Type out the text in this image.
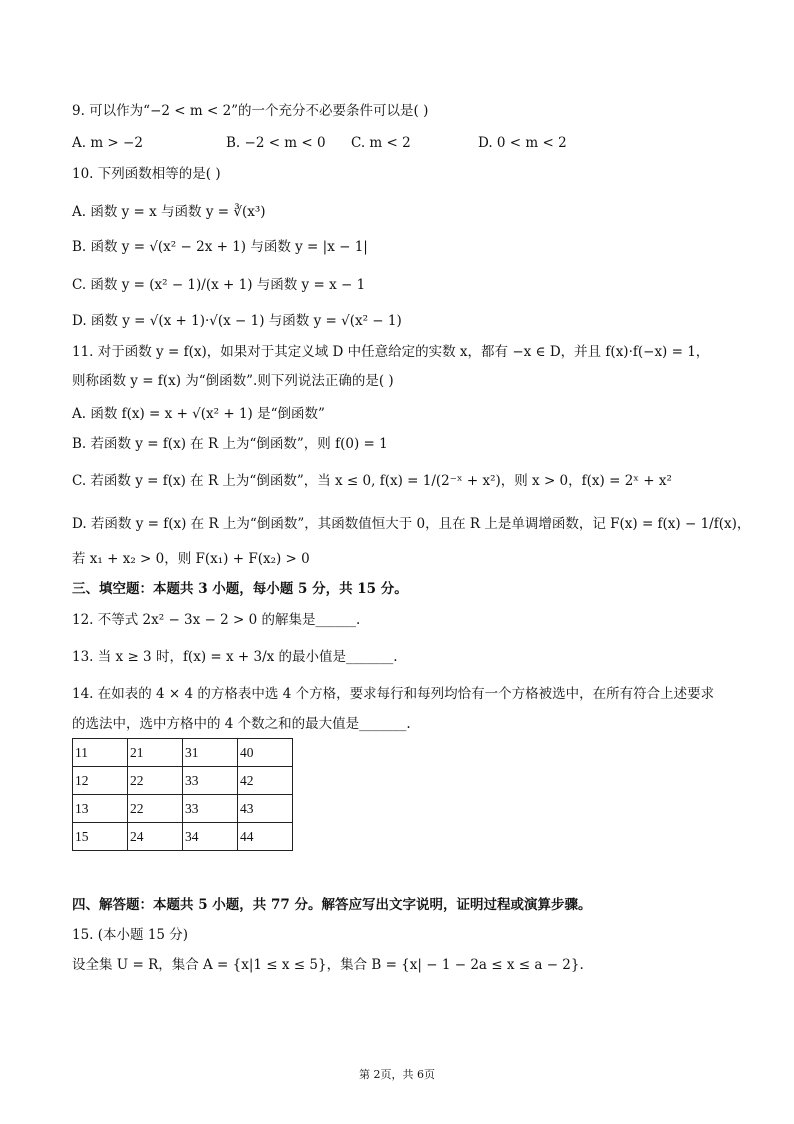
9. 可以作为“−2 < m < 2”的一个充分不必要条件可以是( )
A. m > −2	B. −2 < m < 0 C. m < 2	D. 0 < m < 2
10. 下列函数相等的是( )
A. 函数 y = x 与函数 y = ∛(x³)
B. 函数 y = √(x² − 2x + 1) 与函数 y = |x − 1|
C. 函数 y = (x² − 1)/(x + 1) 与函数 y = x − 1
D. 函数 y = √(x + 1)·√(x − 1) 与函数 y = √(x² − 1)
11. 对于函数 y = f(x)，如果对于其定义域 D 中任意给定的实数 x，都有 −x ∈ D，并且 f(x)·f(−x) = 1，
则称函数 y = f(x) 为“倒函数”.则下列说法正确的是( )
A. 函数 f(x) = x + √(x² + 1) 是“倒函数”
B. 若函数 y = f(x) 在 R 上为“倒函数”，则 f(0) = 1
C. 若函数 y = f(x) 在 R 上为“倒函数”，当 x ≤ 0, f(x) = 1/(2⁻ˣ + x²)，则 x > 0，f(x) = 2ˣ + x²
D. 若函数 y = f(x) 在 R 上为“倒函数”，其函数值恒大于 0，且在 R 上是单调增函数，记 F(x) = f(x) − 1/f(x)，
若 x₁ + x₂ > 0，则 F(x₁) + F(x₂) > 0
三、填空题：本题共 3 小题，每小题 5 分，共 15 分。
12. 不等式 2x² − 3x − 2 > 0 的解集是______.
13. 当 x ≥ 3 时，f(x) = x + 3/x 的最小值是_______.
14. 在如表的 4 × 4 的方格表中选 4 个方格，要求每行和每列均恰有一个方格被选中，在所有符合上述要求
的选法中，选中方格中的 4 个数之和的最大值是_______.
11	21	31	40
12	22	33	42
13	22	33	43
15	24	34	44
四、解答题：本题共 5 小题，共 77 分。解答应写出文字说明，证明过程或演算步骤。
15. (本小题 15 分)
设全集 U = R，集合 A = {x|1 ≤ x ≤ 5}，集合 B = {x| − 1 − 2a ≤ x ≤ a − 2}.
第 2页，共 6页
